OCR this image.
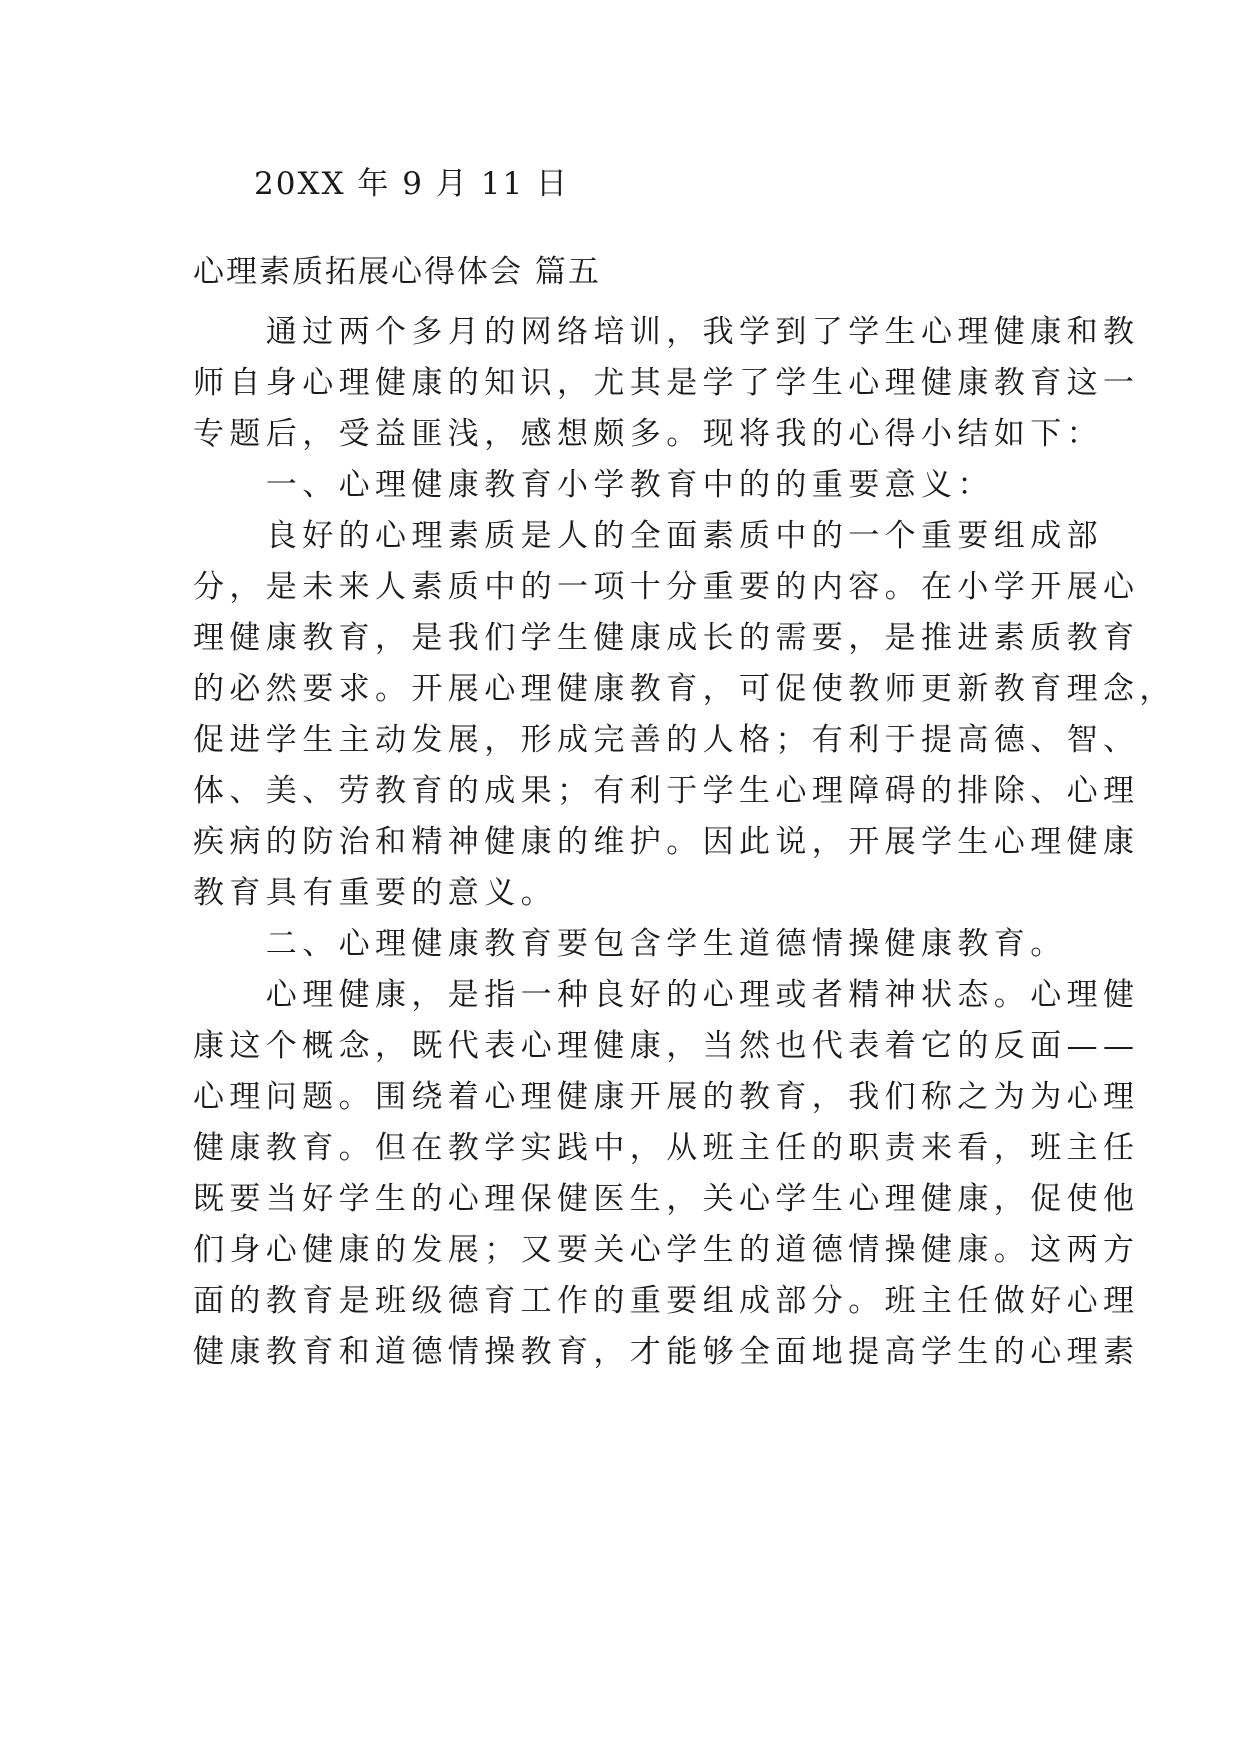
20XX 年 9 月 11 日
心理素质拓展心得体会 篇五
　　通过两个多月的网络培训，我学到了学生心理健康和教
师自身心理健康的知识，尤其是学了学生心理健康教育这一
专题后，受益匪浅，感想颇多。现将我的心得小结如下：
　　一、心理健康教育小学教育中的的重要意义：
　　良好的心理素质是人的全面素质中的一个重要组成部
分，是未来人素质中的一项十分重要的内容。在小学开展心
理健康教育，是我们学生健康成长的需要，是推进素质教育
的必然要求。开展心理健康教育，可促使教师更新教育理念，
促进学生主动发展，形成完善的人格；有利于提高德、智、
体、美、劳教育的成果；有利于学生心理障碍的排除、心理
疾病的防治和精神健康的维护。因此说，开展学生心理健康
教育具有重要的意义。
　　二、心理健康教育要包含学生道德情操健康教育。
　　心理健康，是指一种良好的心理或者精神状态。心理健
康这个概念，既代表心理健康，当然也代表着它的反面——
心理问题。围绕着心理健康开展的教育，我们称之为为心理
健康教育。但在教学实践中，从班主任的职责来看，班主任
既要当好学生的心理保健医生，关心学生心理健康，促使他
们身心健康的发展；又要关心学生的道德情操健康。这两方
面的教育是班级德育工作的重要组成部分。班主任做好心理
健康教育和道德情操教育，才能够全面地提高学生的心理素
